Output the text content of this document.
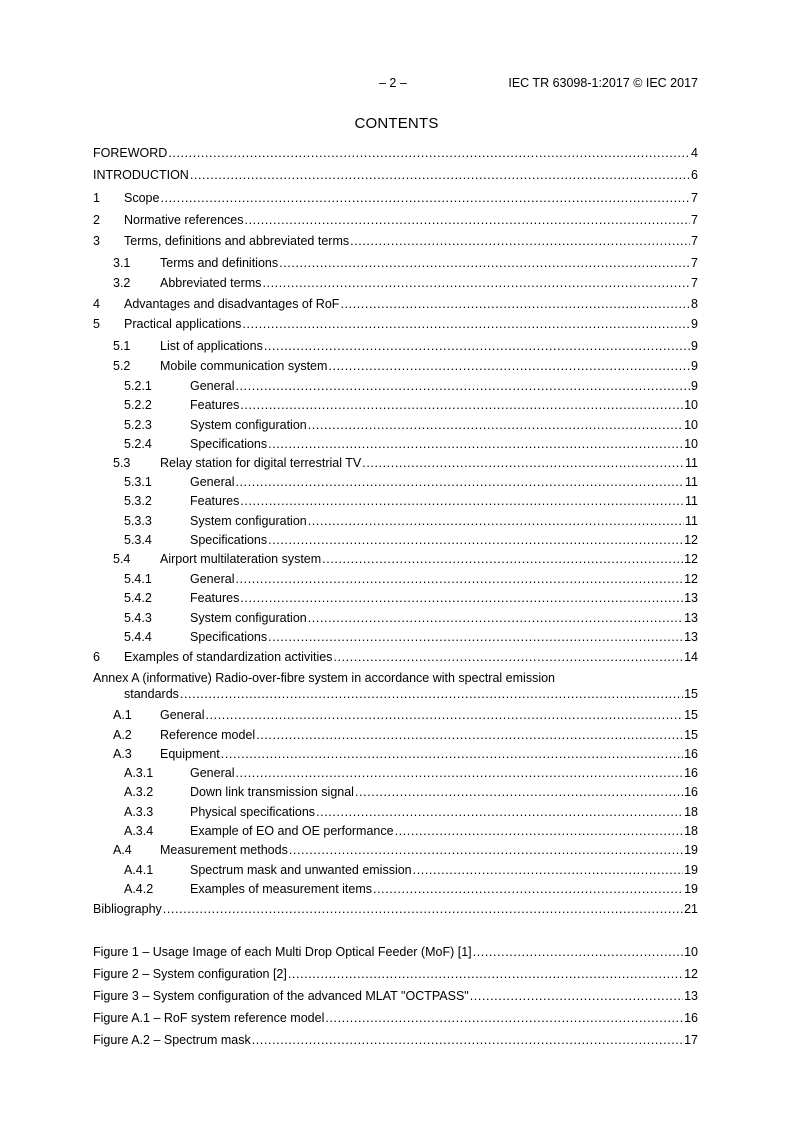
– 2 –	IEC TR 63098-1:2017 © IEC 2017
CONTENTS
FOREWORD .....	4
INTRODUCTION .....	6
1 Scope .....	7
2 Normative references .....	7
3 Terms, definitions and abbreviated terms .....	7
3.1 Terms and definitions .....	7
3.2 Abbreviated terms .....	7
4 Advantages and disadvantages of RoF .....	8
5 Practical applications .....	9
5.1 List of applications .....	9
5.2 Mobile communication system .....	9
5.2.1	General .....	9
5.2.2	Features .....	10
5.2.3	System configuration .....	10
5.2.4	Specifications .....	10
5.3 Relay station for digital terrestrial TV .....	11
5.3.1	General .....	11
5.3.2	Features .....	11
5.3.3	System configuration .....	11
5.3.4	Specifications .....	12
5.4 Airport multilateration system .....	12
5.4.1	General .....	12
5.4.2	Features .....	13
5.4.3	System configuration .....	13
5.4.4	Specifications .....	13
6 Examples of standardization activities .....	14
Annex A (informative) Radio-over-fibre system in accordance with spectral emission
standards .....	15
A.1 General .....	15
A.2 Reference model .....	15
A.3 Equipment .....	16
A.3.1	General .....	16
A.3.2	Down link transmission signal .....	16
A.3.3	Physical specifications .....	18
A.3.4	Example of EO and OE performance .....	18
A.4 Measurement methods .....	19
A.4.1	Spectrum mask and unwanted emission .....	19
A.4.2	Examples of measurement items .....	19
Bibliography .....	21
Figure 1 – Usage Image of each Multi Drop Optical Feeder (MoF) [1] .....	10
Figure 2 – System configuration [2] .....	12
Figure 3 – System configuration of the advanced MLAT "OCTPASS" .....	13
Figure A.1 – RoF system reference model .....	16
Figure A.2 – Spectrum mask .....	17
